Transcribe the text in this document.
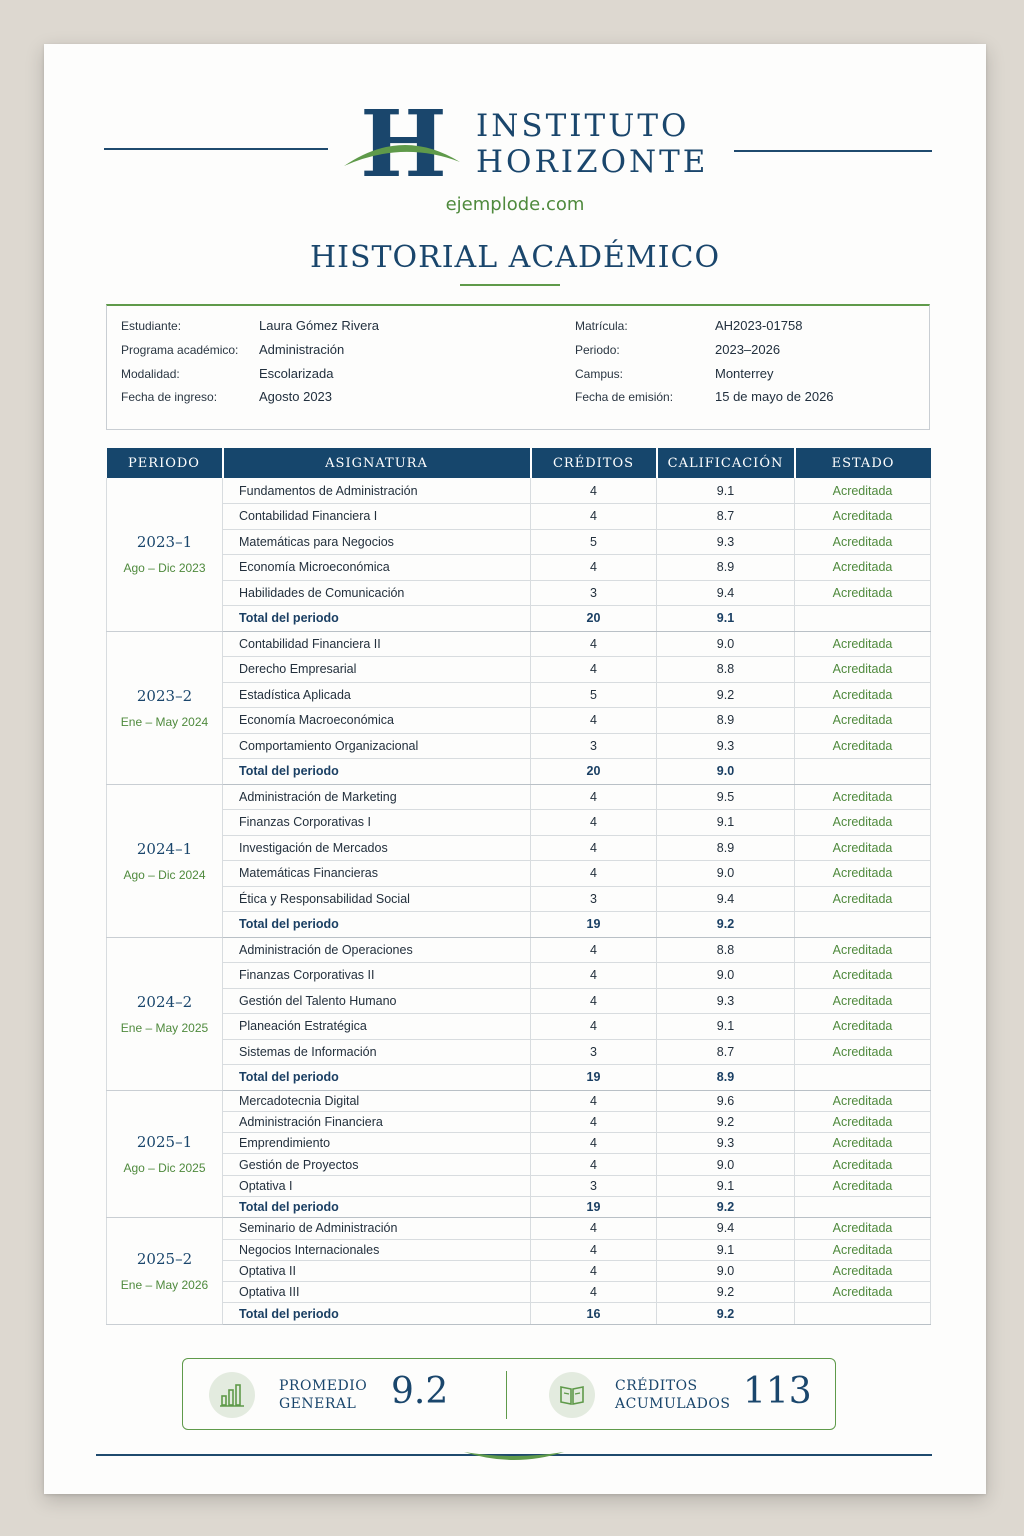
H INSTITUTO
HORIZONTE
ejemplode.com
HISTORIAL ACADÉMICO
Estudiante:	Laura Gómez Rivera
Programa académico: Administración
Modalidad:	Escolarizada
Fecha de ingreso:	Agosto 2023
Matrícula:	AH2023-01758
Periodo:	2023–2026
Campus:	Monterrey
Fecha de emisión:	15 de mayo de 2026
PERIODO	ASIGNATURA	CRÉDITOS	CALIFICACIÓN	ESTADO

2023–1
Ago – Dic 2023	Fundamentos de Administración	4	9.1	Acreditada
	Contabilidad Financiera I	4	8.7	Acreditada
	Matemáticas para Negocios	5	9.3	Acreditada
	Economía Microeconómica	4	8.9	Acreditada
	Habilidades de Comunicación	3	9.4	Acreditada
	Total del periodo	20	9.1	

2023–2
Ene – May 2024	Contabilidad Financiera II	4	9.0	Acreditada
	Derecho Empresarial	4	8.8	Acreditada
	Estadística Aplicada	5	9.2	Acreditada
	Economía Macroeconómica	4	8.9	Acreditada
	Comportamiento Organizacional	3	9.3	Acreditada
	Total del periodo	20	9.0	

2024–1
Ago – Dic 2024	Administración de Marketing	4	9.5	Acreditada
	Finanzas Corporativas I	4	9.1	Acreditada
	Investigación de Mercados	4	8.9	Acreditada
	Matemáticas Financieras	4	9.0	Acreditada
	Ética y Responsabilidad Social	3	9.4	Acreditada
	Total del periodo	19	9.2	

2024–2
Ene – May 2025	Administración de Operaciones	4	8.8	Acreditada
	Finanzas Corporativas II	4	9.0	Acreditada
	Gestión del Talento Humano	4	9.3	Acreditada
	Planeación Estratégica	4	9.1	Acreditada
	Sistemas de Información	3	8.7	Acreditada
	Total del periodo	19	8.9	

2025–1
Ago – Dic 2025	Mercadotecnia Digital	4	9.6	Acreditada
	Administración Financiera	4	9.2	Acreditada
	Emprendimiento	4	9.3	Acreditada
	Gestión de Proyectos	4	9.0	Acreditada
	Optativa I	3	9.1	Acreditada
	Total del periodo	19	9.2	

2025–2
Ene – May 2026	Seminario de Administración	4	9.4	Acreditada
	Negocios Internacionales	4	9.1	Acreditada
	Optativa II	4	9.0	Acreditada
	Optativa III	4	9.2	Acreditada
	Total del periodo	16	9.2	
PROMEDIO
GENERAL 9.2	CRÉDITOS
ACUMULADOS 113
